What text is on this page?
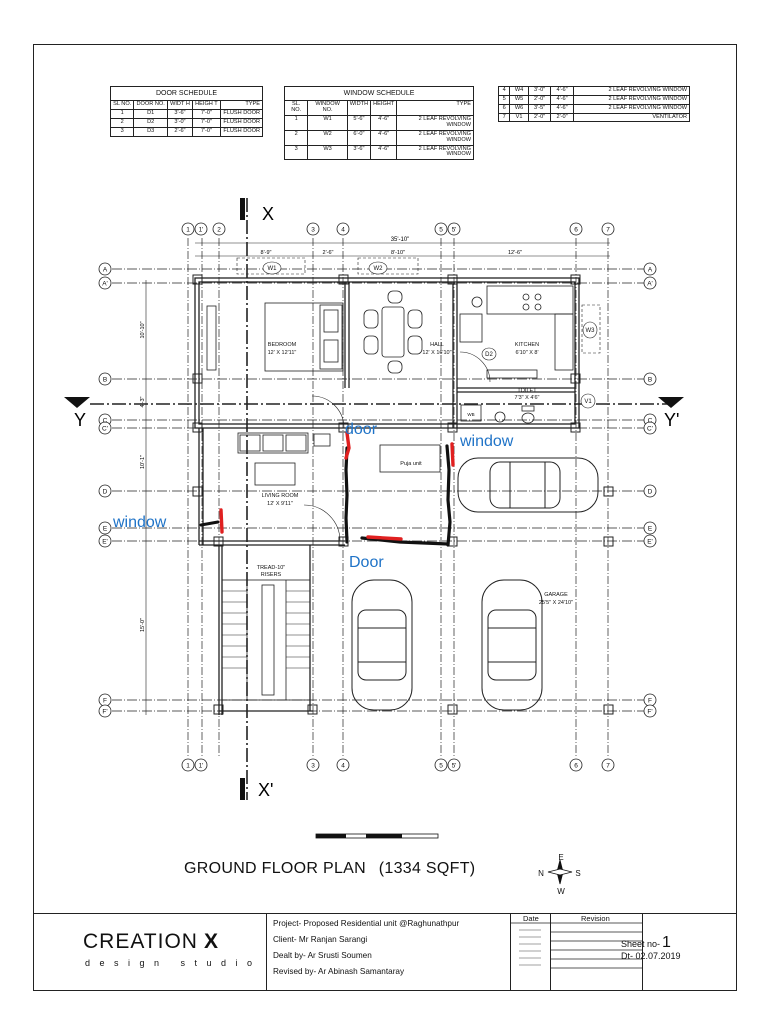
DOOR SCHEDULE				
SL NO.	DOOR NO.	WIDT H	HEIGH T	TYPE
1	D1	3'-6"	7'-0"	FLUSH DOOR
2	D2	3'-0"	7'-0"	FLUSH DOOR
3	D3	2'-6"	7'-0"	FLUSH DOOR
WINDOW SCHEDULE				
SL. NO.	WINDOW NO.	WIDTH	HEIGHT	TYPE
1	W1	5'-6"	4'-6"	2 LEAF REVOLVING WINDOW
2	W2	6'-0"	4'-6"	2 LEAF REVOLVING WINDOW
3	W3	3'-6"	4'-6"	2 LEAF REVOLVING WINDOW
4	W4	3'-0"	4'-6"	2 LEAF REVOLVING WINDOW
5	W5	2'-0"	4'-6"	2 LEAF REVOLVING WINDOW
6	W6	3'-5"	4'-6"	2 LEAF REVOLVING WINDOW
7	V1	2'-0"	2'-0"	VENTILATOR
1 1' 2	3	4	5 5'	6	7
1 1'	3	4	5 5'	6	7
A	A
A'	A'
B	B
C	C
C'	C'
D	D
E	E
E'	E'
F	F
F'	F'
X
X'
Y	Y'
35'-10"
8'-9"	2'-6"	8'-10"	12'-6"
10'-10"
4'-3"
10'-1"
15'-0"
BEDROOM
12' X 12'11"
HALL
12' X 16'10"
KITCHEN
6'10" X 8'
TOILET
7'3" X 4'6"
LIVING ROOM
12' X 9'11"
GARAGE
25'5" X 24'10"
Puja unit
TREAD-10"
RISERS
WB
W1	W2
W3
V1
D2
door
window
window
Door
E
N	S
W
GROUND FLOOR PLAN (1334 SQFT)
CREATION X
design studio
Project- Proposed Residential unit @Raghunathpur
Client- Mr Ranjan Sarangi
Dealt by- Ar Srusti Soumen
Revised by- Ar Abinash Samantaray
Date	Revision
Sheet no- 1
Dt- 02.07.2019
